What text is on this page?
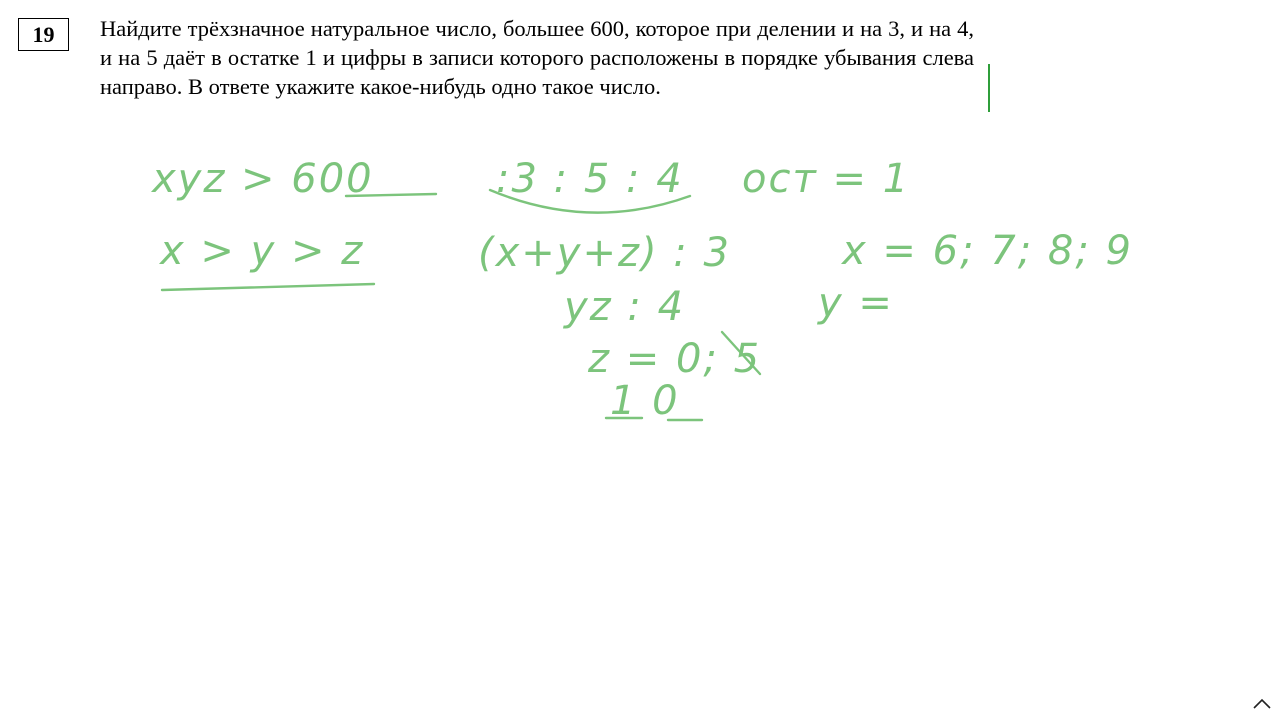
19	Найдите трёхзначное натуральное число, большее 600, которое при делении и на 3, и на 4, и на 5 даёт в остатке 1 и цифры в записи которого расположены в порядке убывания слева направо. В ответе укажите какое-нибудь одно такое число.
xyz > 600	:3 : 5 : 4 ост = 1
x > y > z	(x+y+z) : 3	x = 6; 7; 8; 9
yz : 4	y =
z = 0; 5
1 0
